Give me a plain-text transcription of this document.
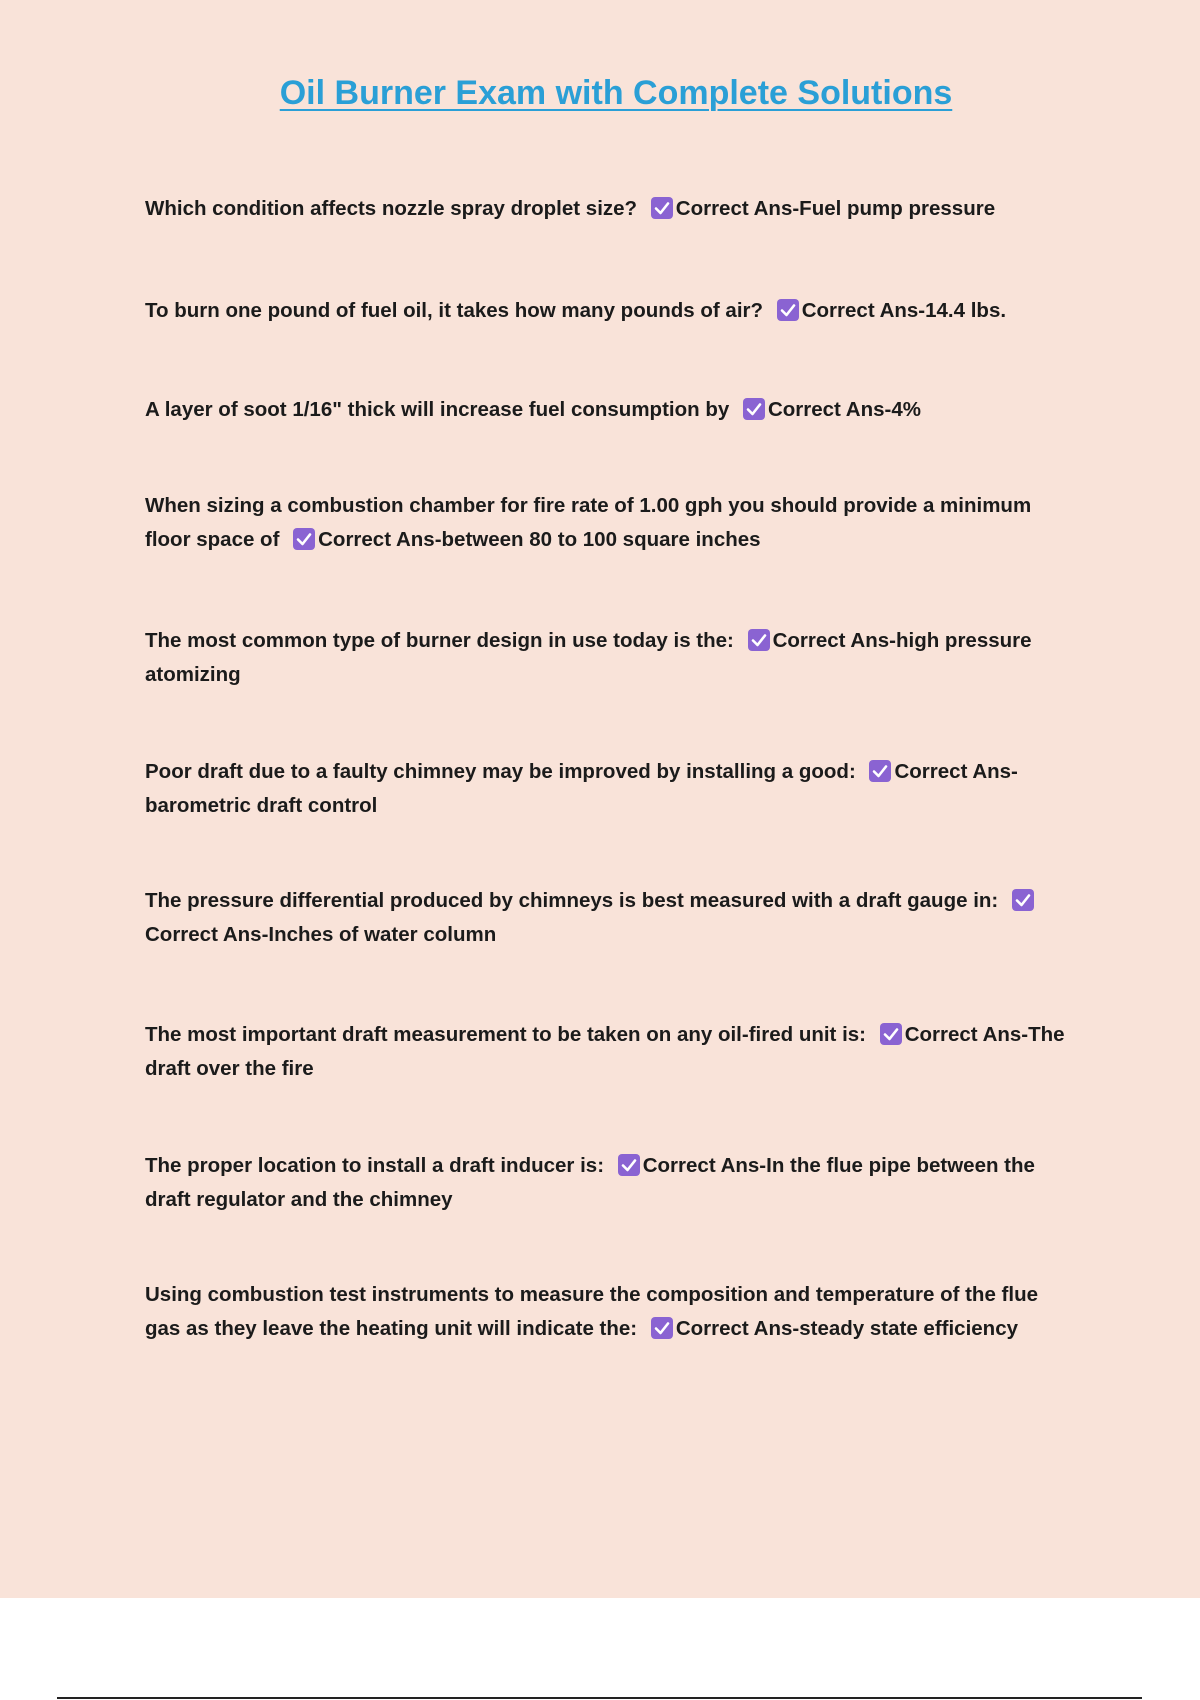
Oil Burner Exam with Complete Solutions

Which condition affects nozzle spray droplet size? Correct Ans-Fuel pump pressure

To burn one pound of fuel oil, it takes how many pounds of air? Correct Ans-14.4 lbs.

A layer of soot 1/16" thick will increase fuel consumption by Correct Ans-4%

When sizing a combustion chamber for fire rate of 1.00 gph you should provide a minimum floor space of Correct Ans-between 80 to 100 square inches

The most common type of burner design in use today is the: Correct Ans-high pressure atomizing

Poor draft due to a faulty chimney may be improved by installing a good: Correct Ans-barometric draft control

The pressure differential produced by chimneys is best measured with a draft gauge in:
Correct Ans-Inches of water column

The most important draft measurement to be taken on any oil-fired unit is: Correct Ans-The draft over the fire

The proper location to install a draft inducer is: Correct Ans-In the flue pipe between the draft regulator and the chimney

Using combustion test instruments to measure the composition and temperature of the flue gas as they leave the heating unit will indicate the: Correct Ans-steady state efficiency
